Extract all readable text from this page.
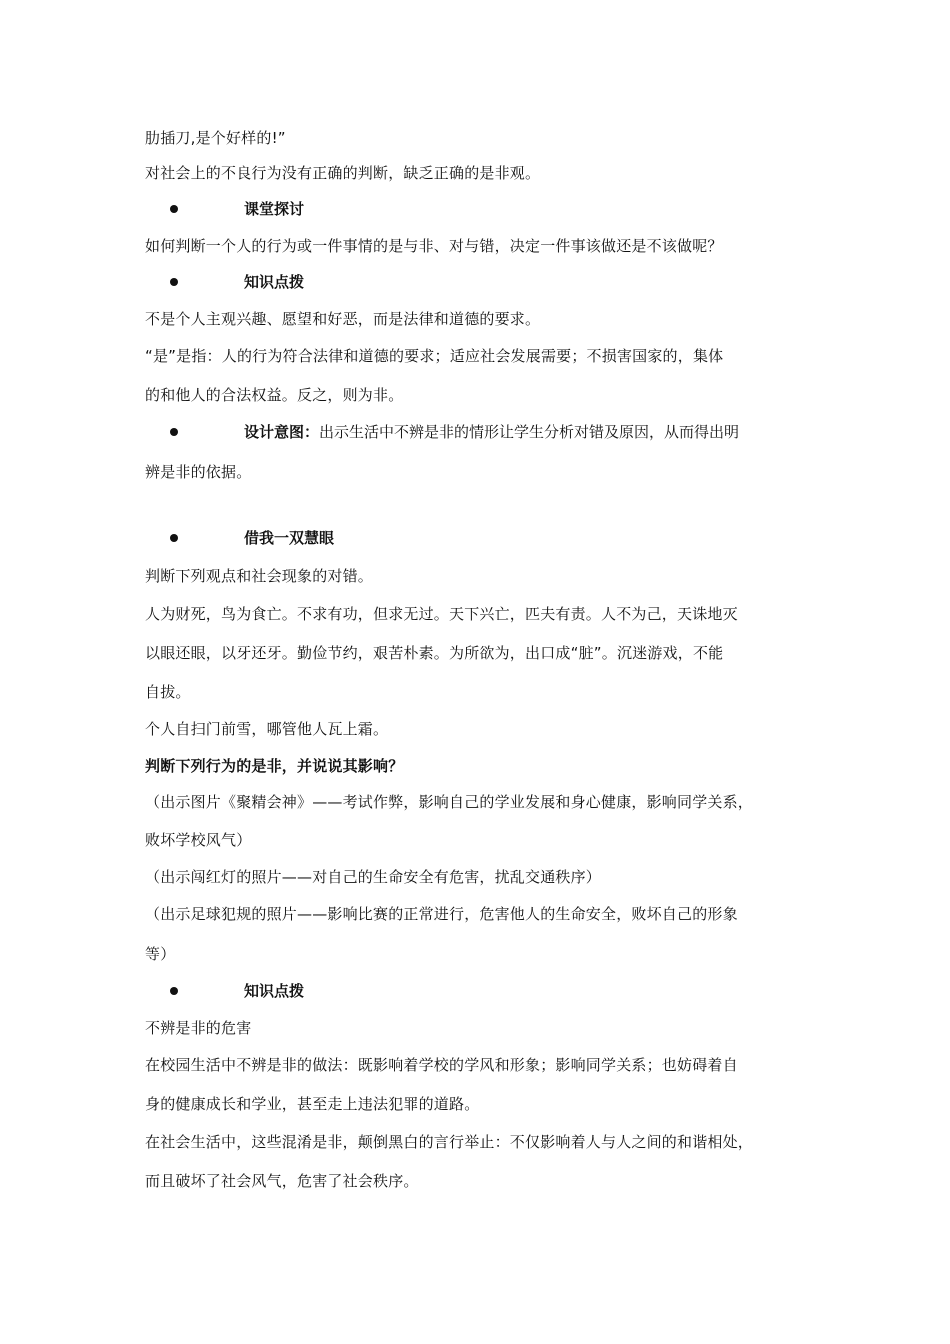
肋插刀,是个好样的!”
对社会上的不良行为没有正确的判断，缺乏正确的是非观。
课堂探讨
如何判断一个人的行为或一件事情的是与非、对与错，决定一件事该做还是不该做呢？
知识点拨
不是个人主观兴趣、愿望和好恶，而是法律和道德的要求。
“是”是指：人的行为符合法律和道德的要求；适应社会发展需要；不损害国家的，集体
的和他人的合法权益。反之，则为非。
设计意图：出示生活中不辨是非的情形让学生分析对错及原因，从而得出明
辨是非的依据。
借我一双慧眼
判断下列观点和社会现象的对错。
人为财死，鸟为食亡。不求有功，但求无过。天下兴亡，匹夫有责。人不为己，天诛地灭
以眼还眼，以牙还牙。勤俭节约，艰苦朴素。为所欲为，出口成“脏”。沉迷游戏，不能
自拔。
个人自扫门前雪，哪管他人瓦上霜。
判断下列行为的是非，并说说其影响？
（出示图片《聚精会神》——考试作弊，影响自己的学业发展和身心健康，影响同学关系，
败坏学校风气）
（出示闯红灯的照片——对自己的生命安全有危害，扰乱交通秩序）
（出示足球犯规的照片——影响比赛的正常进行，危害他人的生命安全，败坏自己的形象
等）
知识点拨
不辨是非的危害
在校园生活中不辨是非的做法：既影响着学校的学风和形象；影响同学关系；也妨碍着自
身的健康成长和学业，甚至走上违法犯罪的道路。
在社会生活中，这些混淆是非，颠倒黑白的言行举止：不仅影响着人与人之间的和谐相处，
而且破坏了社会风气，危害了社会秩序。
